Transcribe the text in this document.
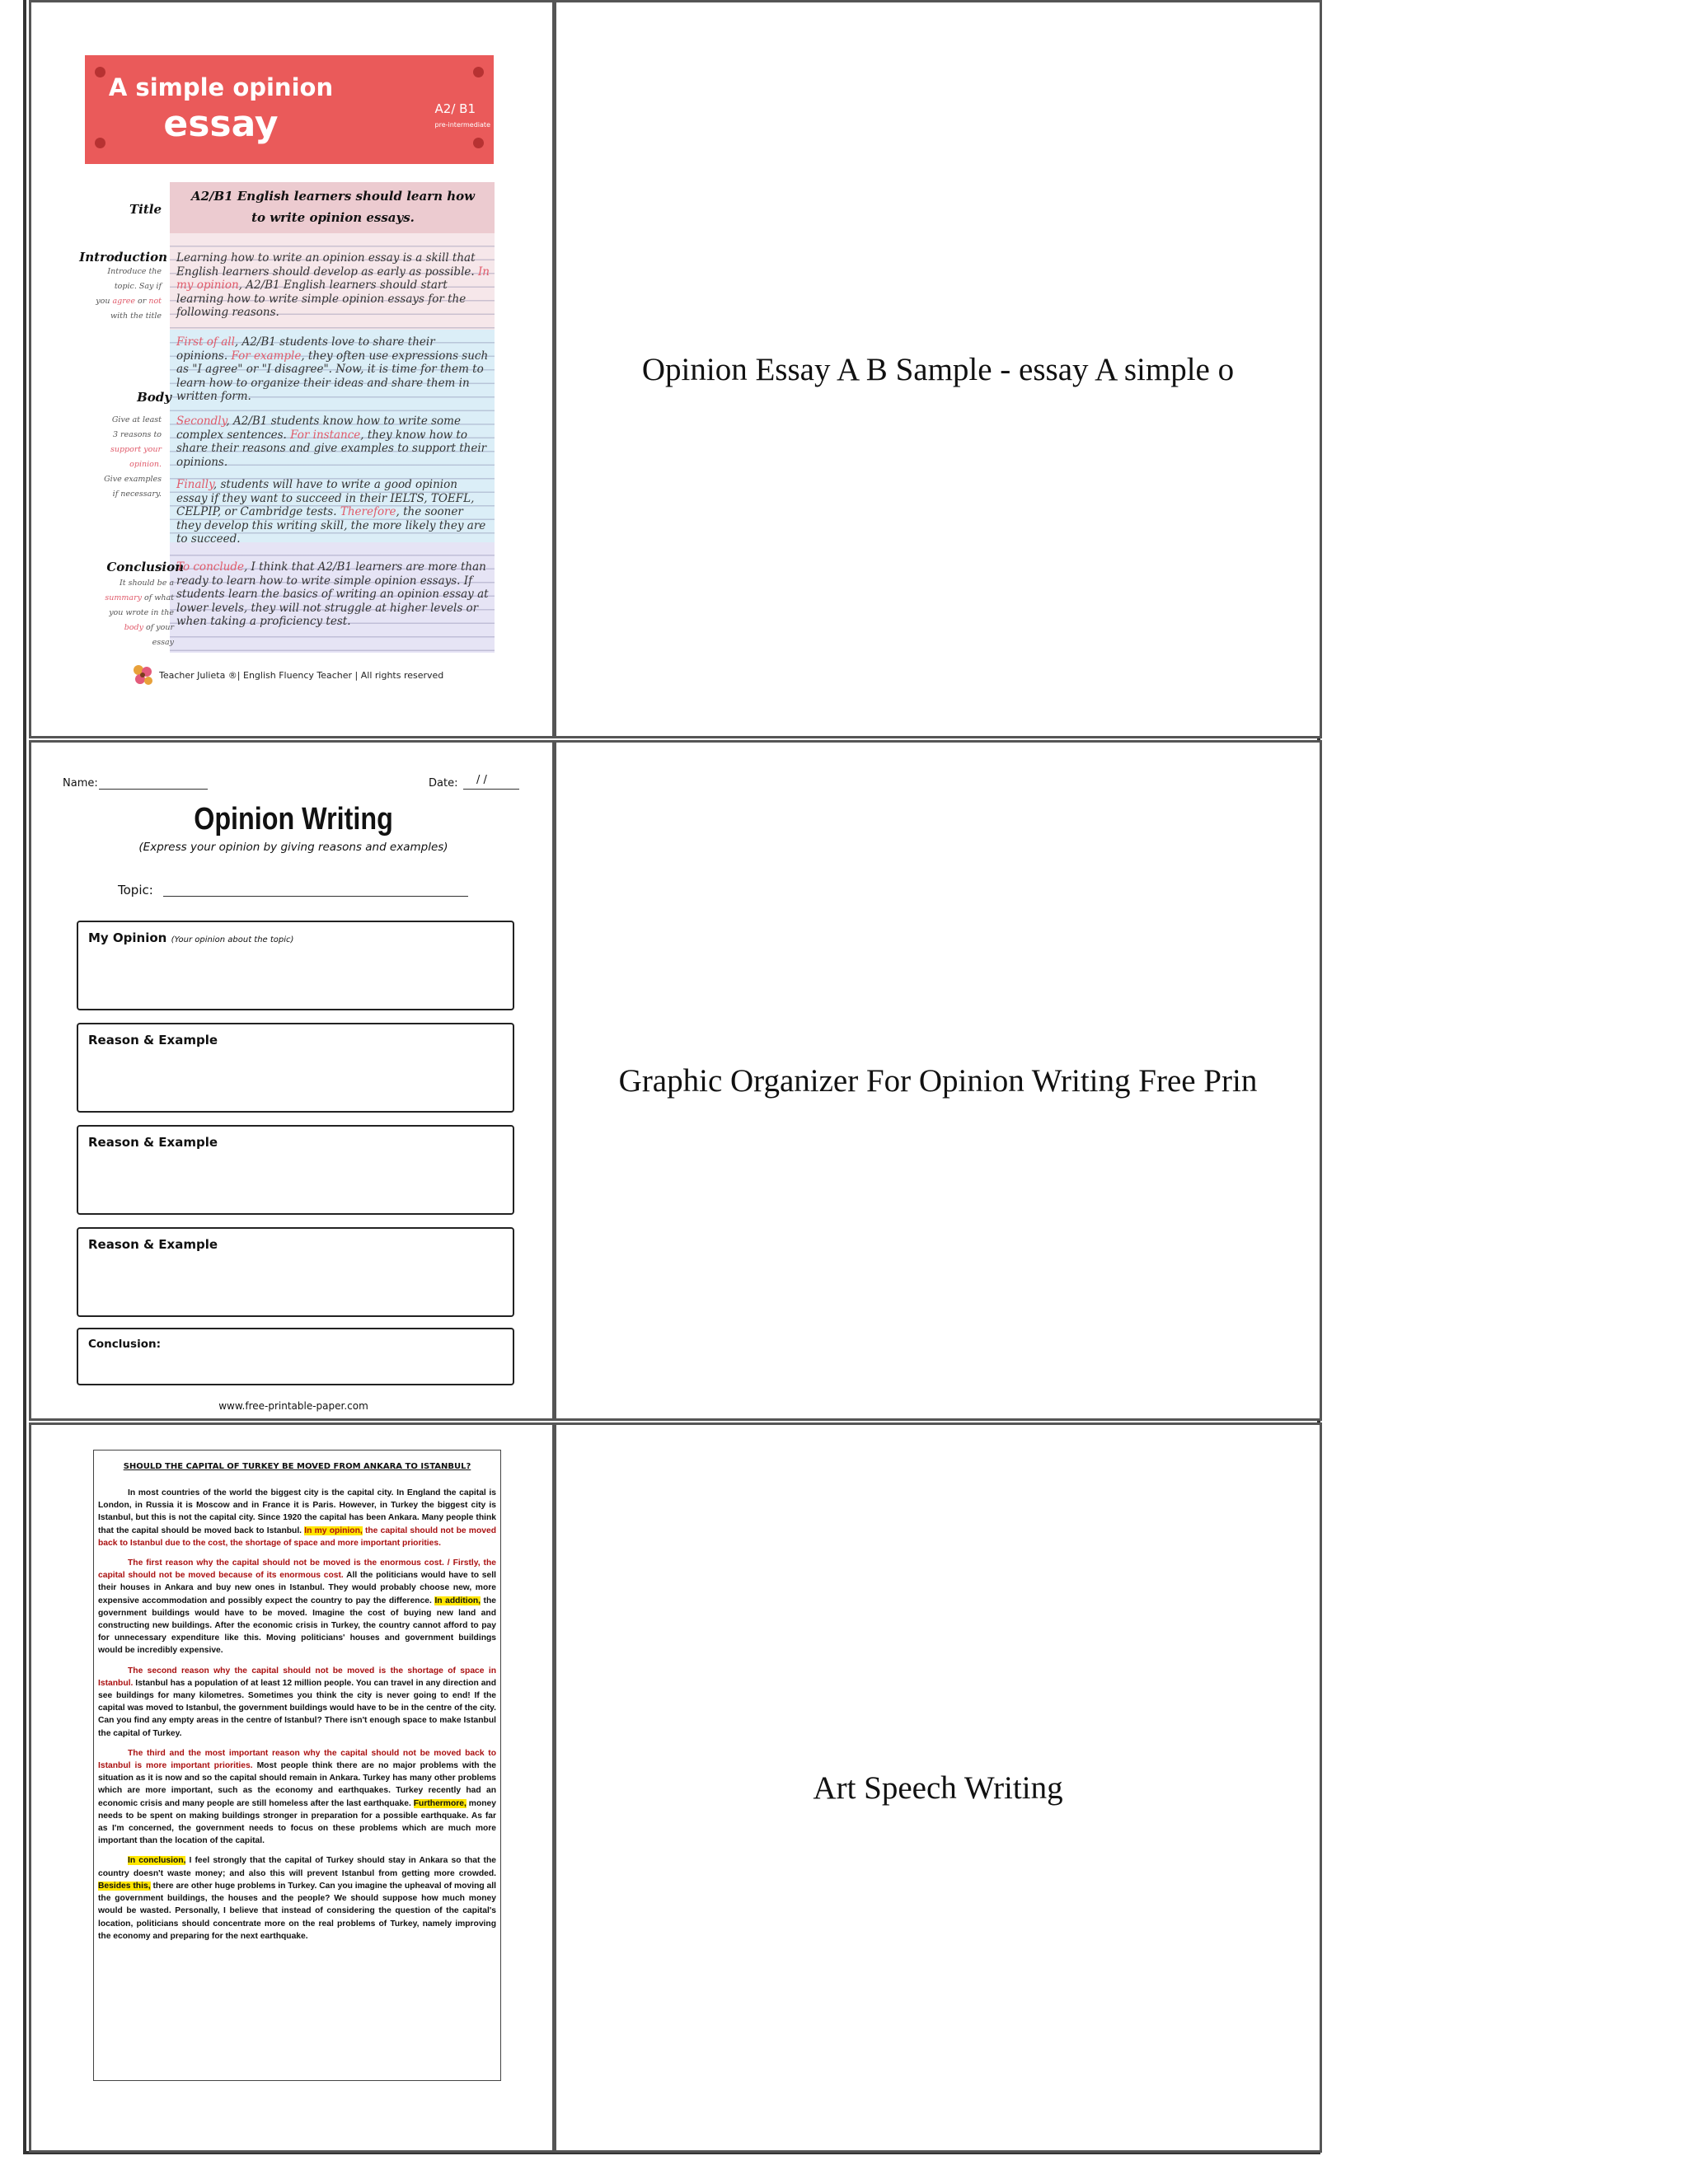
A simple opinion
essay	A2/ B1
pre-intermediate
Title
A2/B1 English learners should learn how
to write opinion essays.
Introduction
Introduce the
topic. Say if
you agree or not
with the title
Learning how to write an opinion essay is a skill that English learners should develop as early as possible. In my opinion, A2/B1 English learners should start learning how to write simple opinion essays for the following reasons.
Body
Give at least
3 reasons to
support your
opinion.
Give examples
if necessary.
First of all, A2/B1 students love to share their opinions. For example, they often use expressions such as "I agree" or "I disagree". Now, it is time for them to learn how to organize their ideas and share them in written form.
Secondly, A2/B1 students know how to write some complex sentences. For instance, they know how to share their reasons and give examples to support their opinions.
Finally, students will have to write a good opinion essay if they want to succeed in their IELTS, TOEFL, CELPIP, or Cambridge tests. Therefore, the sooner they develop this writing skill, the more likely they are to succeed.
Conclusion
It should be a
summary of what
you wrote in the
body of your
essay
To conclude, I think that A2/B1 learners are more than ready to learn how to write simple opinion essays. If students learn the basics of writing an opinion essay at lower levels, they will not struggle at higher levels or when taking a proficiency test.
Teacher Julieta ®| English Fluency Teacher | All rights reserved
Opinion Essay A B Sample - essay A simple o
Name:	Date: / /
Opinion Writing
(Express your opinion by giving reasons and examples)
Topic:
My Opinion (Your opinion about the topic)
Reason & Example
Reason & Example
Reason & Example
Conclusion:
www.free-printable-paper.com
Graphic Organizer For Opinion Writing Free Prin
SHOULD THE CAPITAL OF TURKEY BE MOVED FROM ANKARA TO ISTANBUL?

In most countries of the world the biggest city is the capital city. In England the capital is London, in Russia it is Moscow and in France it is Paris. However, in Turkey the biggest city is Istanbul, but this is not the capital city. Since 1920 the capital has been Ankara. Many people think that the capital should be moved back to Istanbul. In my opinion, the capital should not be moved back to Istanbul due to the cost, the shortage of space and more important priorities.

The first reason why the capital should not be moved is the enormous cost. / Firstly, the capital should not be moved because of its enormous cost. All the politicians would have to sell their houses in Ankara and buy new ones in Istanbul. They would probably choose new, more expensive accommodation and possibly expect the country to pay the difference. In addition, the government buildings would have to be moved. Imagine the cost of buying new land and constructing new buildings. After the economic crisis in Turkey, the country cannot afford to pay for unnecessary expenditure like this. Moving politicians' houses and government buildings would be incredibly expensive.

The second reason why the capital should not be moved is the shortage of space in Istanbul. Istanbul has a population of at least 12 million people. You can travel in any direction and see buildings for many kilometres. Sometimes you think the city is never going to end! If the capital was moved to Istanbul, the government buildings would have to be in the centre of the city. Can you find any empty areas in the centre of Istanbul? There isn't enough space to make Istanbul the capital of Turkey.

The third and the most important reason why the capital should not be moved back to Istanbul is more important priorities. Most people think there are no major problems with the situation as it is now and so the capital should remain in Ankara. Turkey has many other problems which are more important, such as the economy and earthquakes. Turkey recently had an economic crisis and many people are still homeless after the last earthquake. Furthermore, money needs to be spent on making buildings stronger in preparation for a possible earthquake. As far as I'm concerned, the government needs to focus on these problems which are much more important than the location of the capital.

In conclusion, I feel strongly that the capital of Turkey should stay in Ankara so that the country doesn't waste money; and also this will prevent Istanbul from getting more crowded. Besides this, there are other huge problems in Turkey. Can you imagine the upheaval of moving all the government buildings, the houses and the people? We should suppose how much money would be wasted. Personally, I believe that instead of considering the question of the capital's location, politicians should concentrate more on the real problems of Turkey, namely improving the economy and preparing for the next earthquake.

Art Speech Writing
